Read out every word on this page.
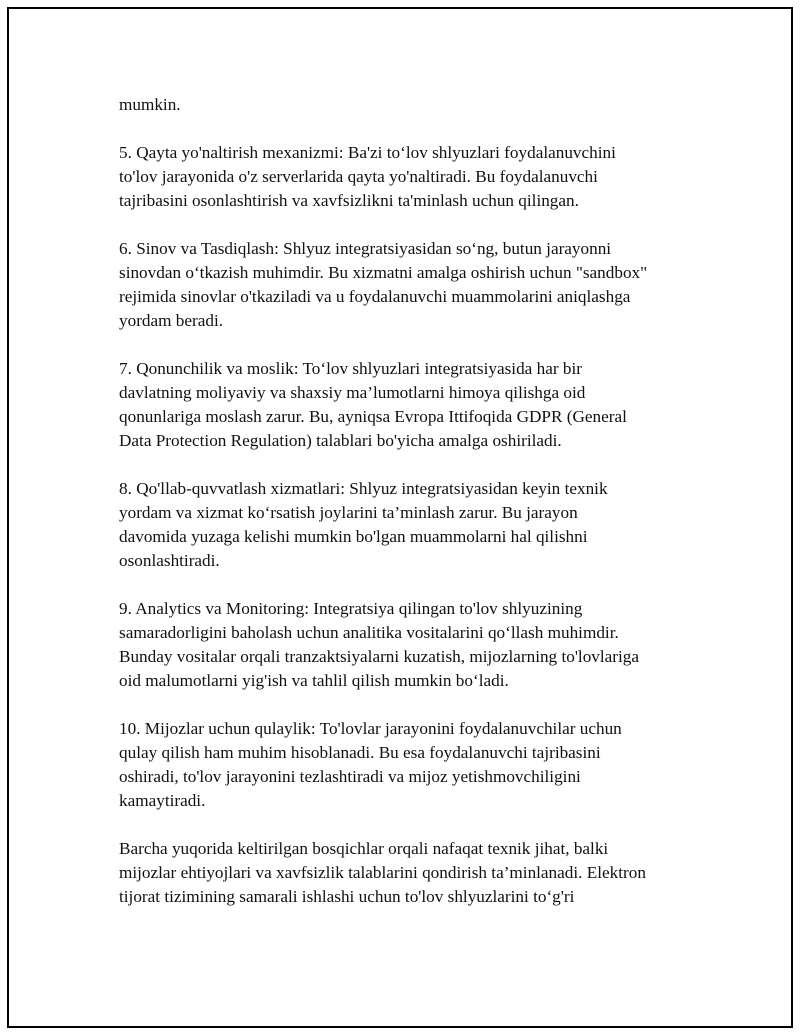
mumkin.

5. Qayta yo'naltirish mexanizmi: Ba'zi to‘lov shlyuzlari foydalanuvchini
to'lov jarayonida o'z serverlarida qayta yo'naltiradi. Bu foydalanuvchi
tajribasini osonlashtirish va xavfsizlikni ta'minlash uchun qilingan.

6. Sinov va Tasdiqlash: Shlyuz integratsiyasidan so‘ng, butun jarayonni
sinovdan o‘tkazish muhimdir. Bu xizmatni amalga oshirish uchun "sandbox"
rejimida sinovlar o'tkaziladi va u foydalanuvchi muammolarini aniqlashga
yordam beradi.

7. Qonunchilik va moslik: To‘lov shlyuzlari integratsiyasida har bir
davlatning moliyaviy va shaxsiy ma’lumotlarni himoya qilishga oid
qonunlariga moslash zarur. Bu, ayniqsa Evropa Ittifoqida GDPR (General
Data Protection Regulation) talablari bo'yicha amalga oshiriladi.

8. Qo'llab-quvvatlash xizmatlari: Shlyuz integratsiyasidan keyin texnik
yordam va xizmat ko‘rsatish joylarini ta’minlash zarur. Bu jarayon
davomida yuzaga kelishi mumkin bo'lgan muammolarni hal qilishni
osonlashtiradi.

9. Analytics va Monitoring: Integratsiya qilingan to'lov shlyuzining
samaradorligini baholash uchun analitika vositalarini qo‘llash muhimdir.
Bunday vositalar orqali tranzaktsiyalarni kuzatish, mijozlarning to'lovlariga
oid malumotlarni yig'ish va tahlil qilish mumkin bo‘ladi.

10. Mijozlar uchun qulaylik: To'lovlar jarayonini foydalanuvchilar uchun
qulay qilish ham muhim hisoblanadi. Bu esa foydalanuvchi tajribasini
oshiradi, to'lov jarayonini tezlashtiradi va mijoz yetishmovchiligini
kamaytiradi.

Barcha yuqorida keltirilgan bosqichlar orqali nafaqat texnik jihat, balki
mijozlar ehtiyojlari va xavfsizlik talablarini qondirish ta’minlanadi. Elektron
tijorat tizimining samarali ishlashi uchun to'lov shlyuzlarini to‘g'ri
